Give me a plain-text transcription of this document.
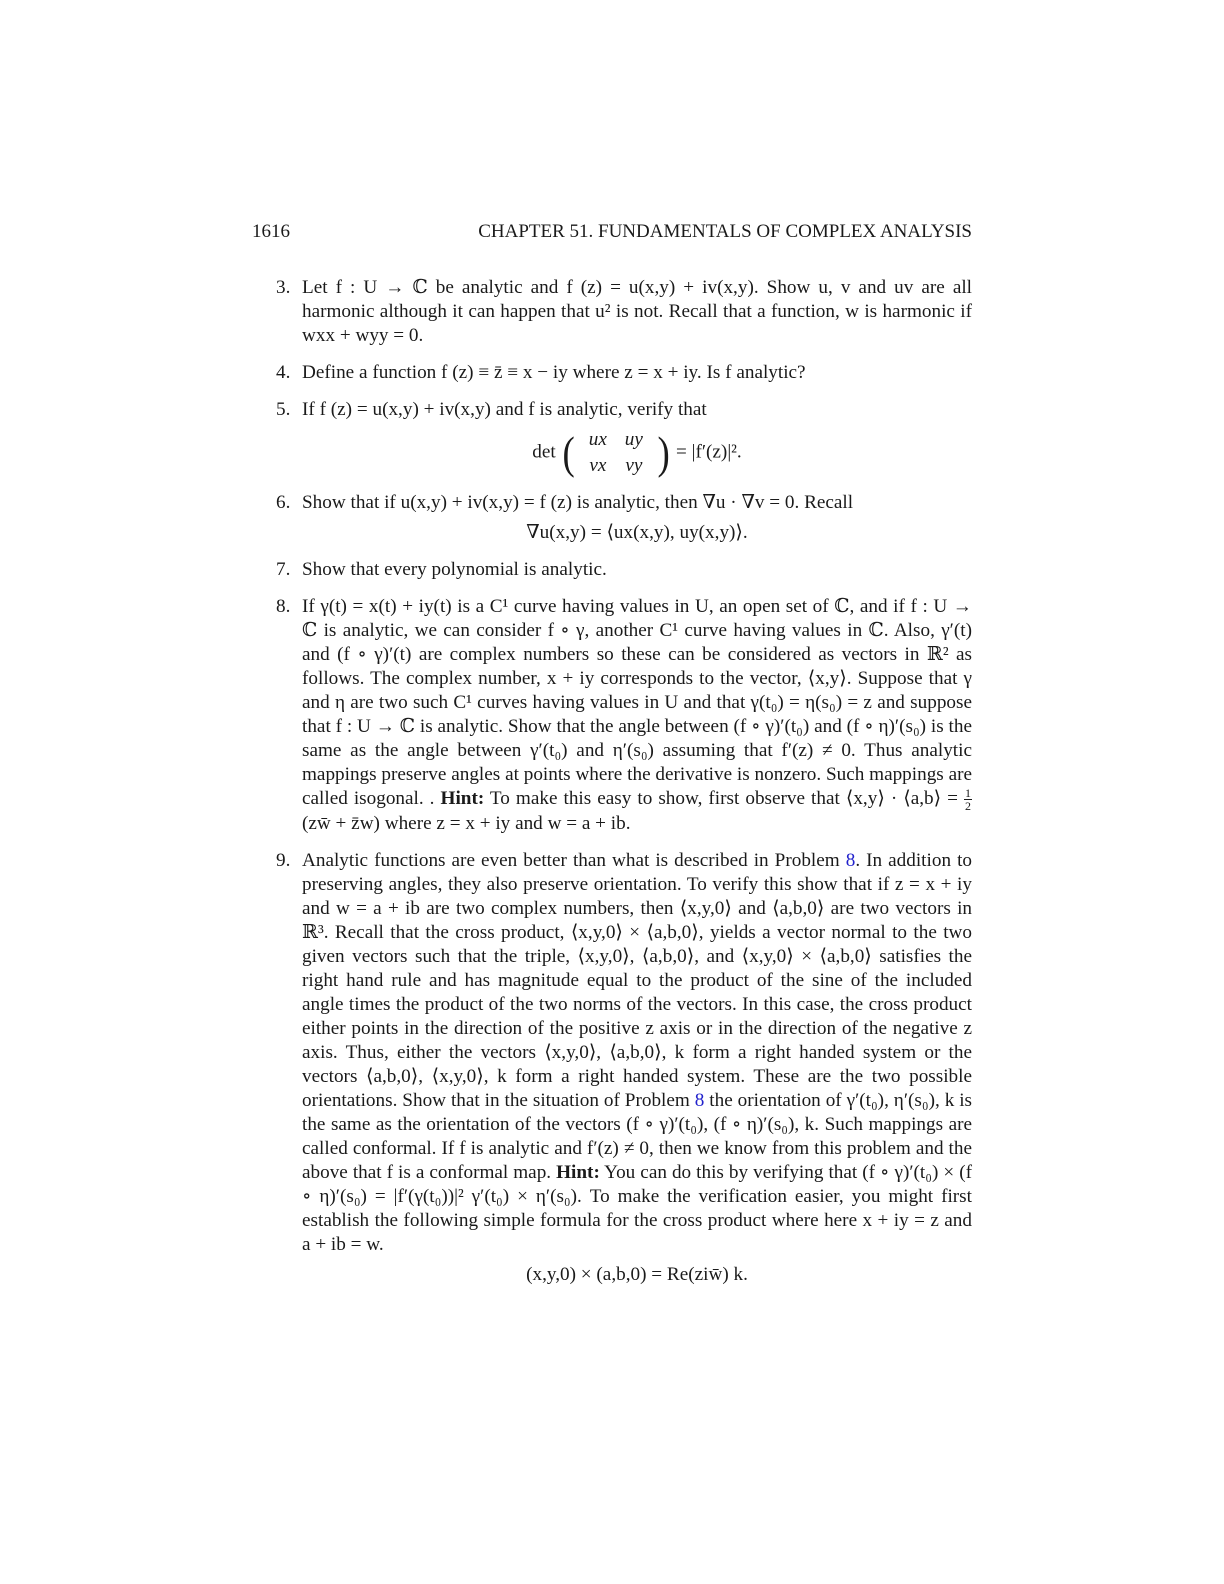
1616	CHAPTER 51. FUNDAMENTALS OF COMPLEX ANALYSIS
3. Let f : U → ℂ be analytic and f (z) = u(x,y) + iv(x,y). Show u, v and uv are all harmonic although it can happen that u² is not. Recall that a function, w is harmonic if wxx + wyy = 0.
4. Define a function f (z) ≡ z̄ ≡ x − iy where z = x + iy. Is f analytic?
5. If f (z) = u(x,y) + iv(x,y) and f is analytic, verify that
det ( ux uy
vx vy ) = |f′(z)|².
6. Show that if u(x,y) + iv(x,y) = f (z) is analytic, then ∇u · ∇v = 0. Recall
∇u(x,y) = ⟨ux(x,y), uy(x,y)⟩.
7. Show that every polynomial is analytic.
8. If γ(t) = x(t) + iy(t) is a C¹ curve having values in U, an open set of ℂ, and if f : U → ℂ is analytic, we can consider f ∘ γ, another C¹ curve having values in ℂ. Also, γ′(t) and (f ∘ γ)′(t) are complex numbers so these can be considered as vectors in ℝ² as follows. The complex number, x + iy corresponds to the vector, ⟨x,y⟩. Suppose that γ and η are two such C¹ curves having values in U and that γ(t₀) = η(s₀) = z and suppose that f : U → ℂ is analytic. Show that the angle between (f ∘ γ)′(t₀) and (f ∘ η)′(s₀) is the same as the angle between γ′(t₀) and η′(s₀) assuming that f′(z) ≠ 0. Thus analytic mappings preserve angles at points where the derivative is nonzero. Such mappings are called isogonal. . Hint: To make this easy to show, first observe that ⟨x,y⟩ · ⟨a,b⟩ = $\frac{1}{2}$
(zw̄ + z̄w) where z = x + iy and w = a + ib.
9. Analytic functions are even better than what is described in Problem 8. In addition to preserving angles, they also preserve orientation. To verify this show that if z = x + iy and w = a + ib are two complex numbers, then ⟨x,y,0⟩ and ⟨a,b,0⟩ are two vectors in ℝ³. Recall that the cross product, ⟨x,y,0⟩ × ⟨a,b,0⟩, yields a vector normal to the two given vectors such that the triple, ⟨x,y,0⟩, ⟨a,b,0⟩, and ⟨x,y,0⟩ × ⟨a,b,0⟩ satisfies the right hand rule and has magnitude equal to the product of the sine of the included angle times the product of the two norms of the vectors. In this case, the cross product either points in the direction of the positive z axis or in the direction of the negative z axis. Thus, either the vectors ⟨x,y,0⟩, ⟨a,b,0⟩, k form a right handed system or the vectors ⟨a,b,0⟩, ⟨x,y,0⟩, k form a right handed system. These are the two possible orientations. Show that in the situation of Problem 8 the orientation of γ′(t₀), η′(s₀), k is the same as the orientation of the vectors (f ∘ γ)′(t₀), (f ∘ η)′(s₀), k. Such mappings are called conformal. If f is analytic and f′(z) ≠ 0, then we know from this problem and the above that f is a conformal map. Hint: You can do this by verifying that (f ∘ γ)′(t₀) × (f ∘ η)′(s₀) = |f′(γ(t₀))|² γ′(t₀) × η′(s₀). To make the verification easier, you might first establish the following simple formula for the cross product where here x + iy = z and a + ib = w.
(x,y,0) × (a,b,0) = Re(ziw̄) k.
